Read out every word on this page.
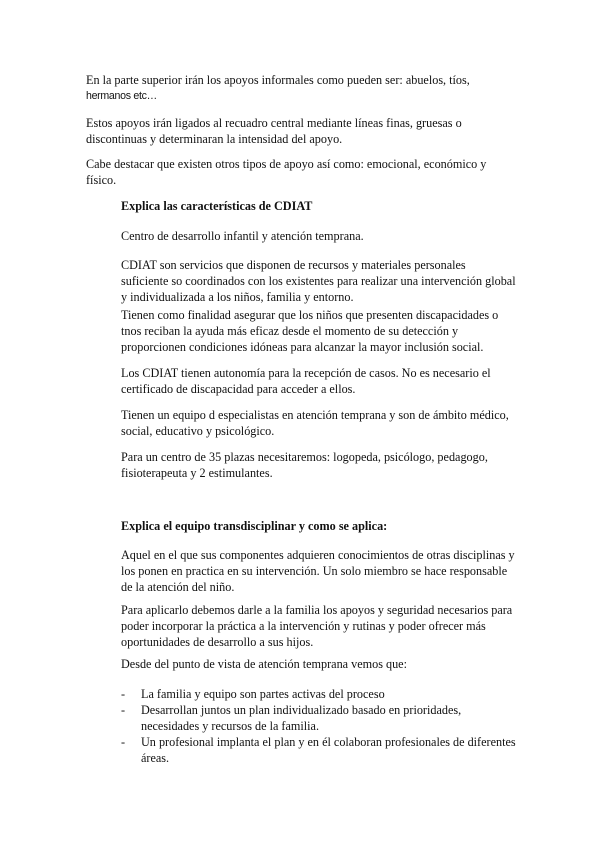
En la parte superior irán los apoyos informales como pueden ser: abuelos, tíos,
hermanos etc…

Estos apoyos irán ligados al recuadro central mediante líneas finas, gruesas o
discontinuas y determinaran la intensidad del apoyo.

Cabe destacar que existen otros tipos de apoyo así como: emocional, económico y
físico.

Explica las características de CDIAT

Centro de desarrollo infantil y atención temprana.

CDIAT son servicios que disponen de recursos y materiales personales
suficiente so coordinados con los existentes para realizar una intervención global
y individualizada a los niños, familia y entorno.

Tienen como finalidad asegurar que los niños que presenten discapacidades o
tnos reciban la ayuda más eficaz desde el momento de su detección y
proporcionen condiciones idóneas para alcanzar la mayor inclusión social.

Los CDIAT tienen autonomía para la recepción de casos. No es necesario el
certificado de discapacidad para acceder a ellos.

Tienen un equipo d especialistas en atención temprana y son de ámbito médico,
social, educativo y psicológico.

Para un centro de 35 plazas necesitaremos: logopeda, psicólogo, pedagogo,
fisioterapeuta y 2 estimulantes.

Explica el equipo transdisciplinar y como se aplica:

Aquel en el que sus componentes adquieren conocimientos de otras disciplinas y
los ponen en practica en su intervención. Un solo miembro se hace responsable
de la atención del niño.

Para aplicarlo debemos darle a la familia los apoyos y seguridad necesarios para
poder incorporar la práctica a la intervención y rutinas y poder ofrecer más
oportunidades de desarrollo a sus hijos.

Desde del punto de vista de atención temprana vemos que:

- La familia y equipo son partes activas del proceso
- Desarrollan juntos un plan individualizado basado en prioridades,
necesidades y recursos de la familia.
- Un profesional implanta el plan y en él colaboran profesionales de diferentes
áreas.
